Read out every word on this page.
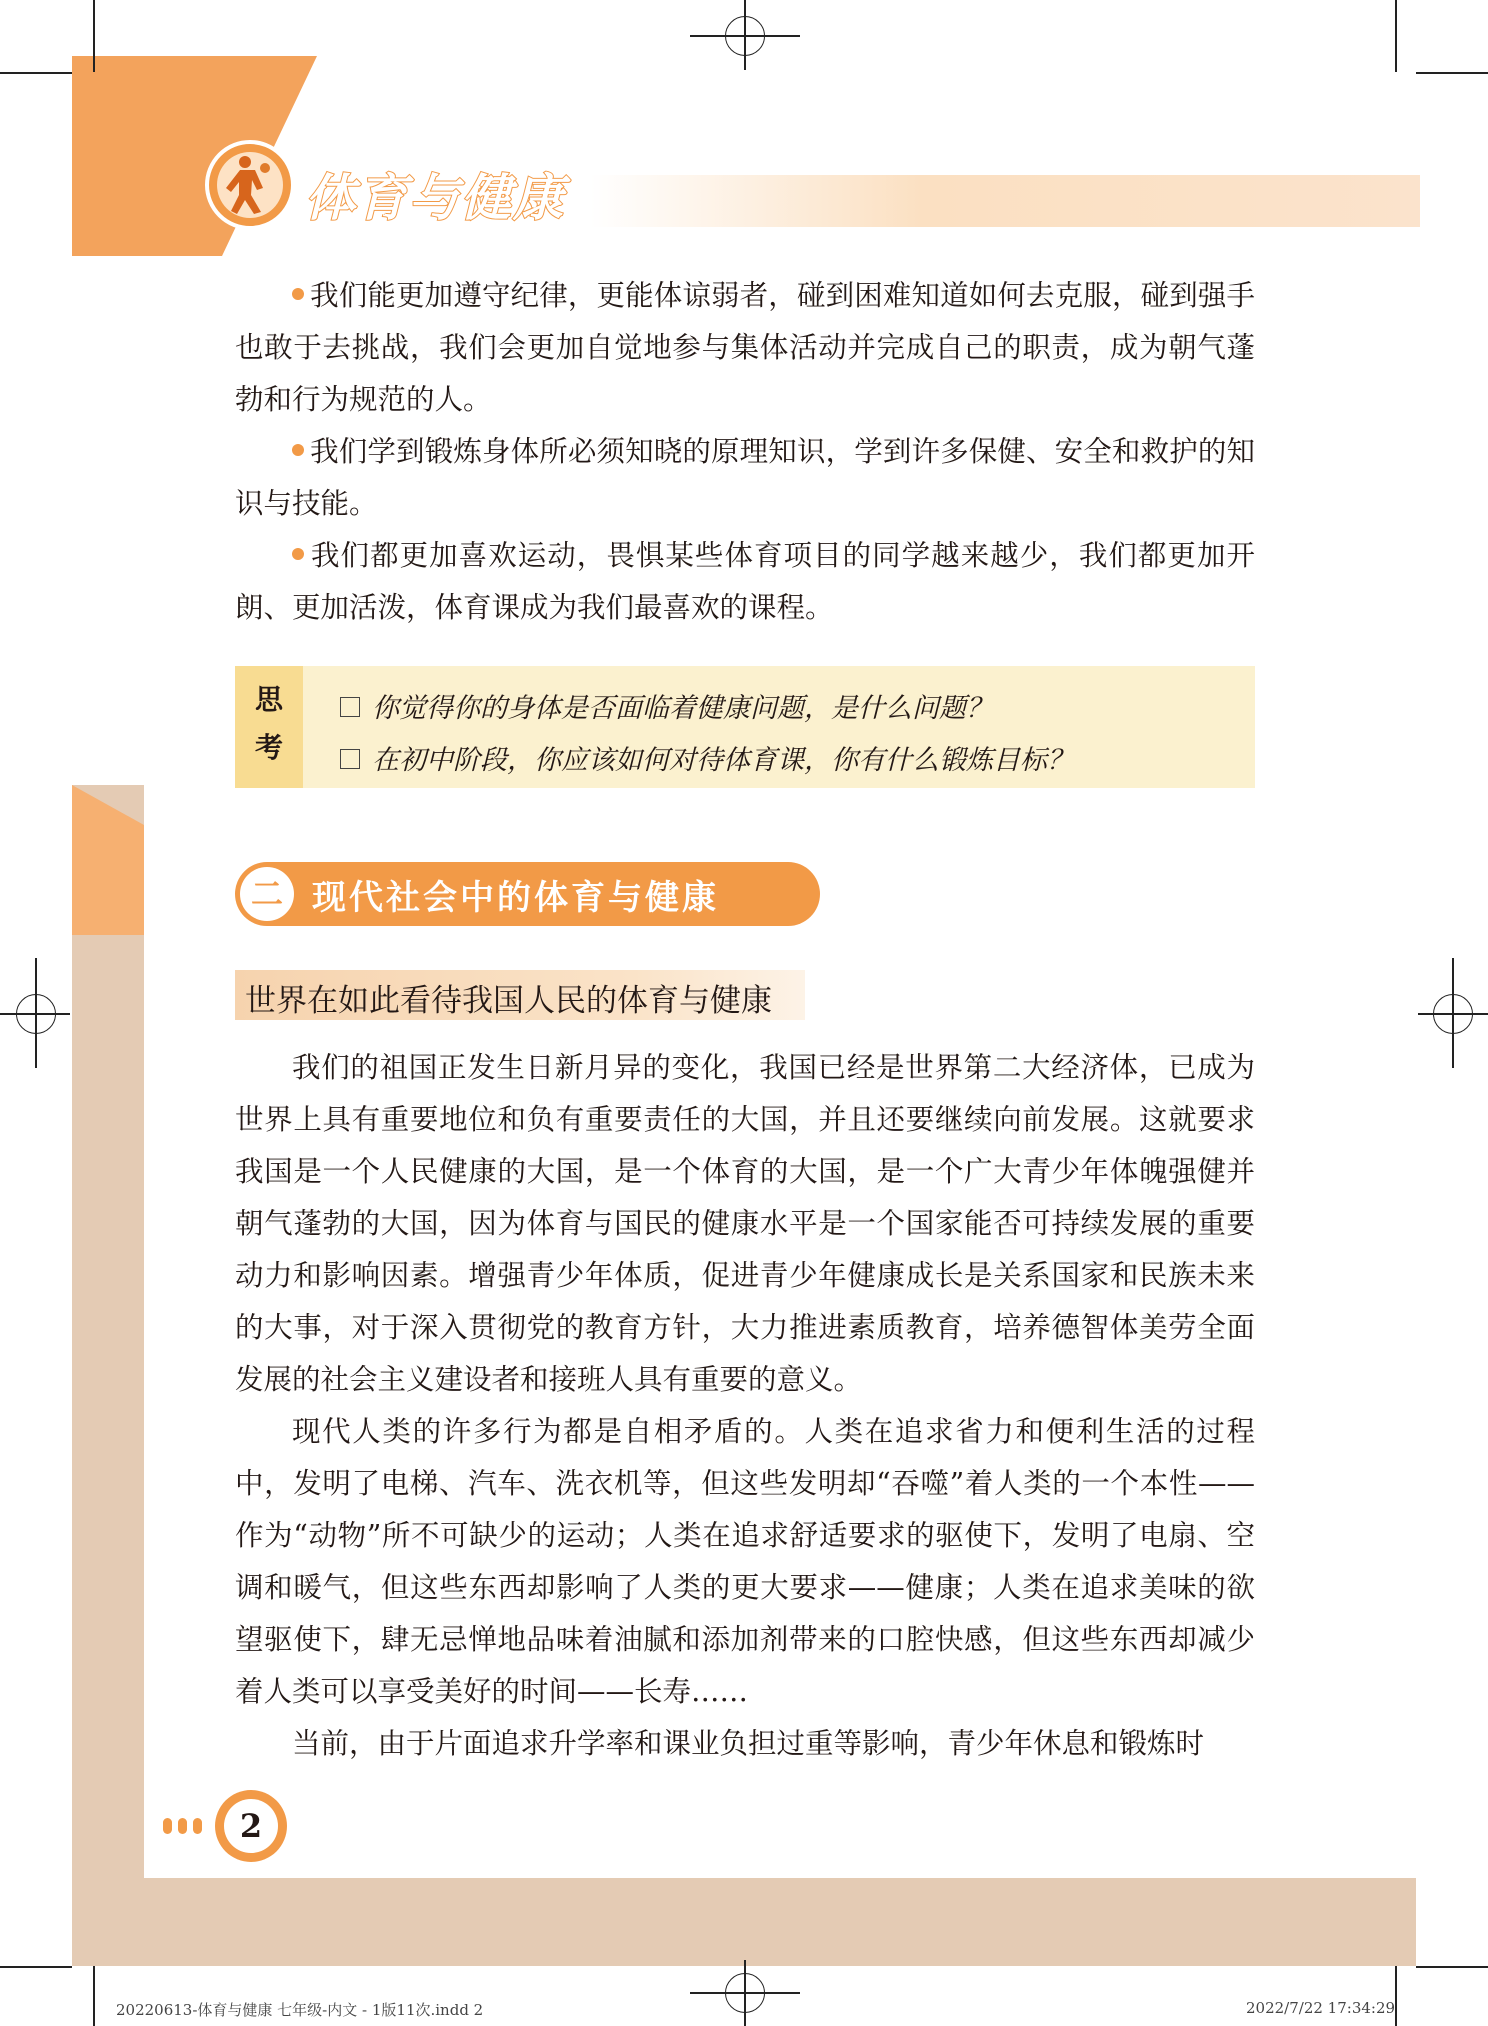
体育与健康
我们能更加遵守纪律，更能体谅弱者，碰到困难知道如何去克服，碰到强手也敢于去挑战，我们会更加自觉地参与集体活动并完成自己的职责，成为朝气蓬勃和行为规范的人。
我们学到锻炼身体所必须知晓的原理知识，学到许多保健、安全和救护的知识与技能。
我们都更加喜欢运动，畏惧某些体育项目的同学越来越少，我们都更加开朗、更加活泼，体育课成为我们最喜欢的课程。
思
考
你觉得你的身体是否面临着健康问题，是什么问题？
在初中阶段，你应该如何对待体育课，你有什么锻炼目标？
二 现代社会中的体育与健康
世界在如此看待我国人民的体育与健康
我们的祖国正发生日新月异的变化，我国已经是世界第二大经济体，已成为世界上具有重要地位和负有重要责任的大国，并且还要继续向前发展。这就要求我国是一个人民健康的大国，是一个体育的大国，是一个广大青少年体魄强健并朝气蓬勃的大国，因为体育与国民的健康水平是一个国家能否可持续发展的重要动力和影响因素。增强青少年体质，促进青少年健康成长是关系国家和民族未来的大事，对于深入贯彻党的教育方针，大力推进素质教育，培养德智体美劳全面发展的社会主义建设者和接班人具有重要的意义。
现代人类的许多行为都是自相矛盾的。人类在追求省力和便利生活的过程中，发明了电梯、汽车、洗衣机等，但这些发明却“吞噬”着人类的一个本性——作为“动物”所不可缺少的运动；人类在追求舒适要求的驱使下，发明了电扇、空调和暖气，但这些东西却影响了人类的更大要求——健康；人类在追求美味的欲望驱使下，肆无忌惮地品味着油腻和添加剂带来的口腔快感，但这些东西却减少着人类可以享受美好的时间——长寿……
当前，由于片面追求升学率和课业负担过重等影响，青少年休息和锻炼时
2
20220613-体育与健康 七年级-内文 - 1版11次.indd 2	2022/7/22 17:34:29
